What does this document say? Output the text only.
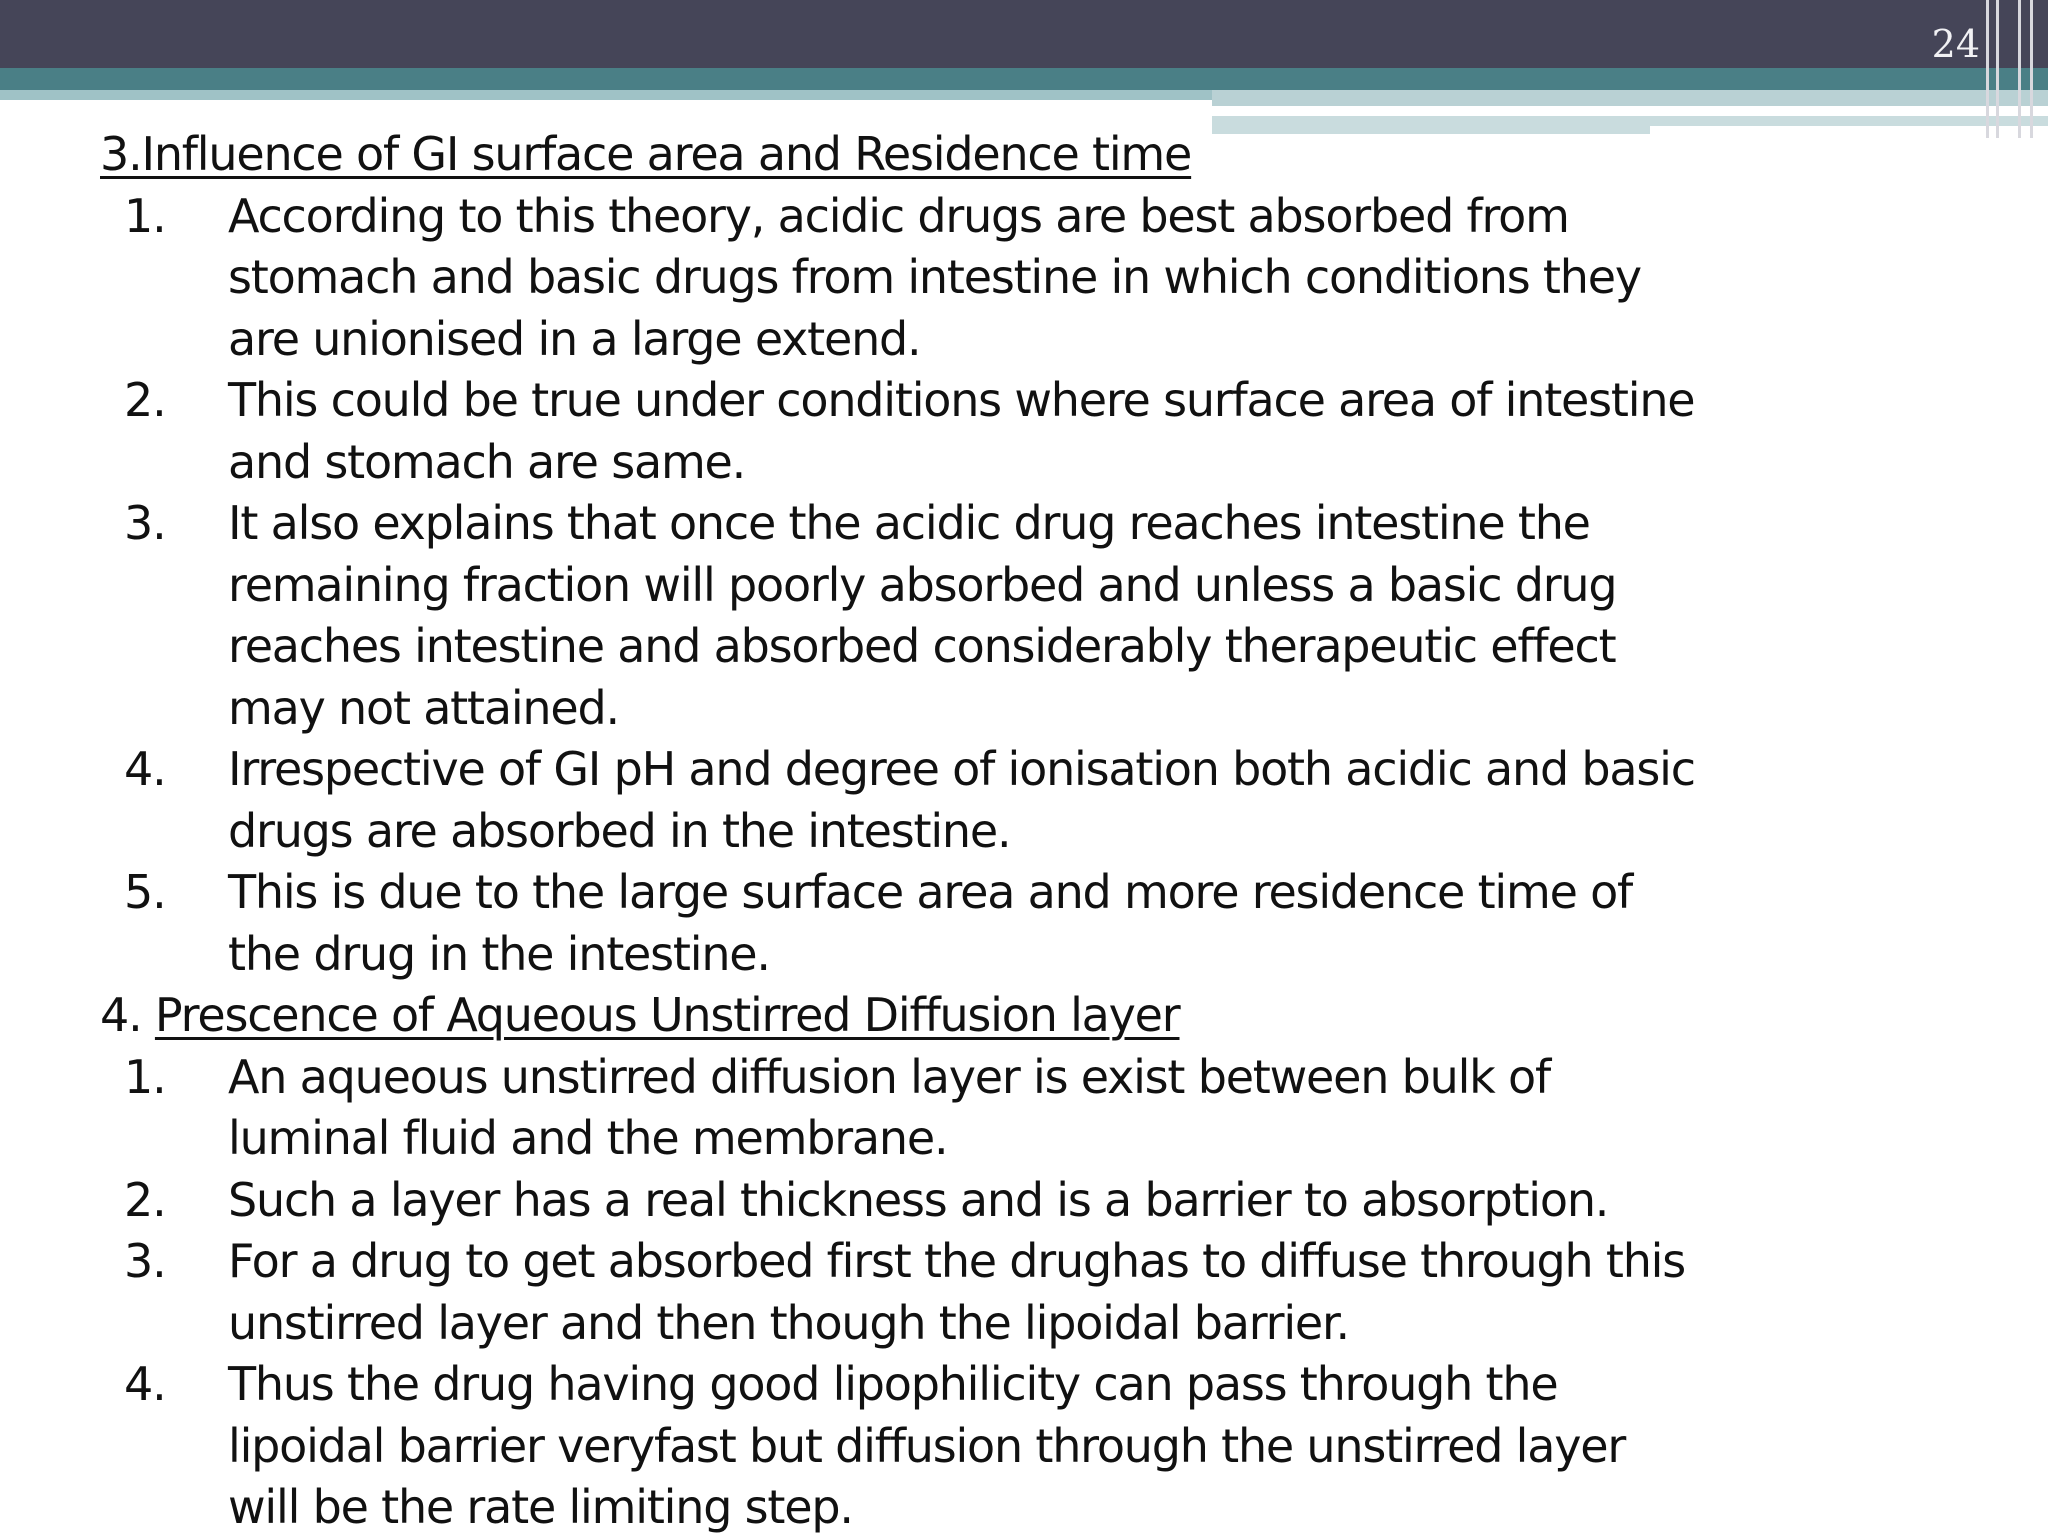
24
3.Influence of GI surface area and Residence time
1. According to this theory, acidic drugs are best absorbed from
stomach and basic drugs from intestine in which conditions they
are unionised in a large extend.
2. This could be true under conditions where surface area of intestine
and stomach are same.
3. It also explains that once the acidic drug reaches intestine the
remaining fraction will poorly absorbed and unless a basic drug
reaches intestine and absorbed considerably therapeutic effect
may not attained.
4. Irrespective of GI pH and degree of ionisation both acidic and basic
drugs are absorbed in the intestine.
5. This is due to the large surface area and more residence time of
the drug in the intestine.
4. Prescence of Aqueous Unstirred Diffusion layer
1. An aqueous unstirred diffusion layer is exist between bulk of
luminal fluid and the membrane.
2. Such a layer has a real thickness and is a barrier to absorption.
3. For a drug to get absorbed first the drughas to diffuse through this
unstirred layer and then though the lipoidal barrier.
4. Thus the drug having good lipophilicity can pass through the
lipoidal barrier veryfast but diffusion through the unstirred layer
will be the rate limiting step.
